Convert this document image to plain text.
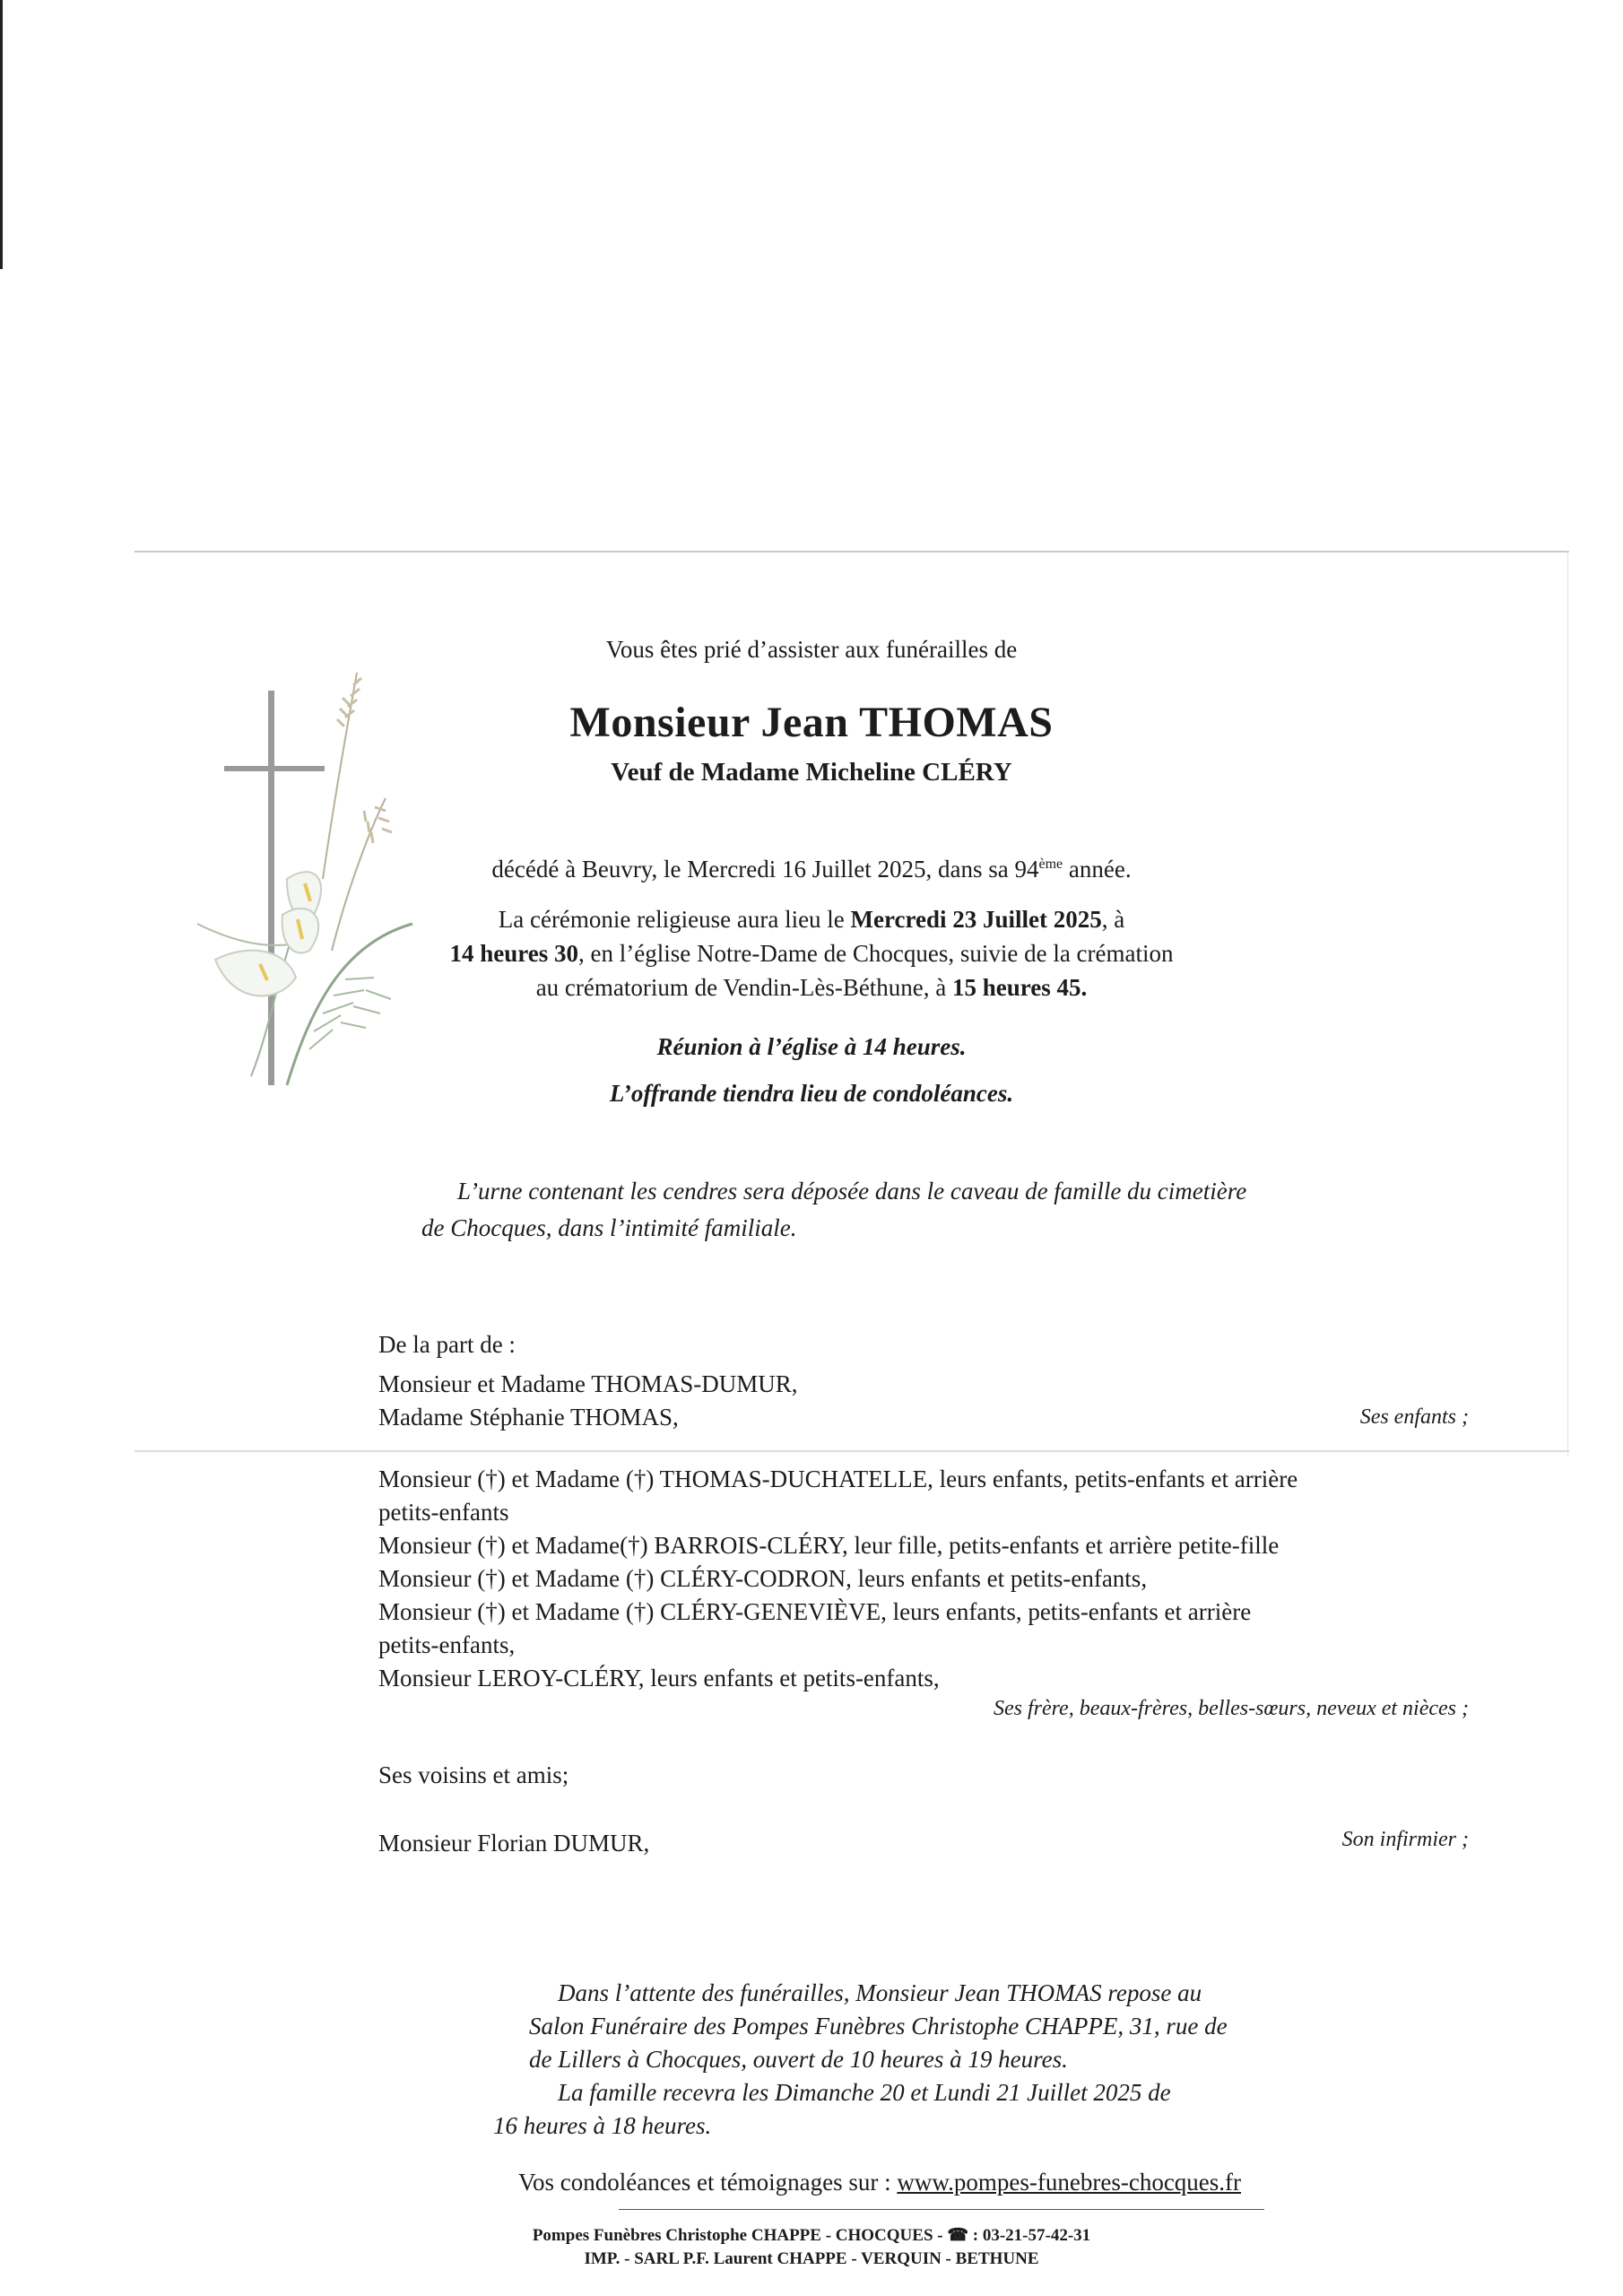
Vous êtes prié d’assister aux funérailles de
Monsieur Jean THOMAS
Veuf de Madame Micheline CLÉRY
décédé à Beuvry, le Mercredi 16 Juillet 2025, dans sa 94ème année.
La cérémonie religieuse aura lieu le Mercredi 23 Juillet 2025, à
14 heures 30, en l’église Notre-Dame de Chocques, suivie de la crémation
au crématorium de Vendin-Lès-Béthune, à 15 heures 45.
Réunion à l’église à 14 heures.
L’offrande tiendra lieu de condoléances.
L’urne contenant les cendres sera déposée dans le caveau de famille du cimetière
de Chocques, dans l’intimité familiale.
De la part de :
Monsieur et Madame THOMAS-DUMUR,
Madame Stéphanie THOMAS,	Ses enfants ;
Monsieur (†) et Madame (†) THOMAS-DUCHATELLE, leurs enfants, petits-enfants et arrière
petits-enfants
Monsieur (†) et Madame(†) BARROIS-CLÉRY, leur fille, petits-enfants et arrière petite-fille
Monsieur (†) et Madame (†) CLÉRY-CODRON, leurs enfants et petits-enfants,
Monsieur (†) et Madame (†) CLÉRY-GENEVIÈVE, leurs enfants, petits-enfants et arrière
petits-enfants,
Monsieur LEROY-CLÉRY, leurs enfants et petits-enfants,
Ses frère, beaux-frères, belles-sœurs, neveux et nièces ;
Ses voisins et amis;
Monsieur Florian DUMUR,	Son infirmier ;
Dans l’attente des funérailles, Monsieur Jean THOMAS repose au
Salon Funéraire des Pompes Funèbres Christophe CHAPPE, 31, rue de
de Lillers à Chocques, ouvert de 10 heures à 19 heures.
La famille recevra les Dimanche 20 et Lundi 21 Juillet 2025 de
16 heures à 18 heures.
Vos condoléances et témoignages sur : www.pompes-funebres-chocques.fr
Pompes Funèbres Christophe CHAPPE - CHOCQUES - ☎ : 03-21-57-42-31
IMP. - SARL P.F. Laurent CHAPPE - VERQUIN - BETHUNE
